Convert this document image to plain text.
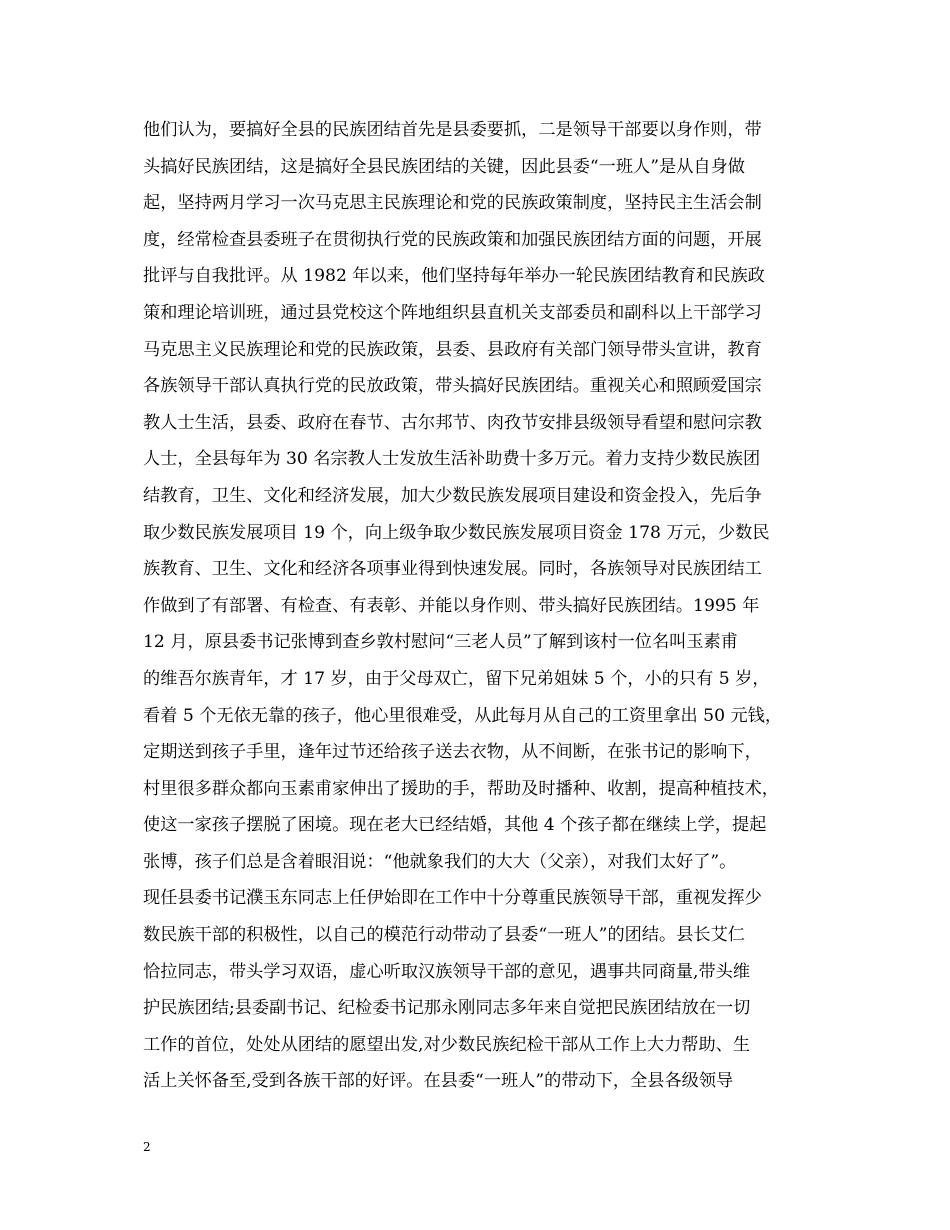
他们认为，要搞好全县的民族团结首先是县委要抓，二是领导干部要以身作则，带
头搞好民族团结，这是搞好全县民族团结的关键，因此县委“一班人”是从自身做
起，坚持两月学习一次马克思主民族理论和党的民族政策制度，坚持民主生活会制
度，经常检查县委班子在贯彻执行党的民族政策和加强民族团结方面的问题，开展
批评与自我批评。从 1982 年以来，他们坚持每年举办一轮民族团结教育和民族政
策和理论培训班，通过县党校这个阵地组织县直机关支部委员和副科以上干部学习
马克思主义民族理论和党的民族政策，县委、县政府有关部门领导带头宣讲，教育
各族领导干部认真执行党的民放政策，带头搞好民族团结。重视关心和照顾爱国宗
教人士生活，县委、政府在春节、古尔邦节、肉孜节安排县级领导看望和慰问宗教
人士，全县每年为 30 名宗教人士发放生活补助费十多万元。着力支持少数民族团
结教育，卫生、文化和经济发展，加大少数民族发展项目建设和资金投入，先后争
取少数民族发展项目 19 个，向上级争取少数民族发展项目资金 178 万元，少数民
族教育、卫生、文化和经济各项事业得到快速发展。同时，各族领导对民族团结工
作做到了有部署、有检查、有表彰、并能以身作则、带头搞好民族团结。1995 年
12 月，原县委书记张博到查乡敦村慰问“三老人员”了解到该村一位名叫玉素甫
的维吾尔族青年，才 17 岁，由于父母双亡，留下兄弟姐妹 5 个，小的只有 5 岁，
看着 5 个无依无靠的孩子，他心里很难受，从此每月从自己的工资里拿出 50 元钱，
定期送到孩子手里，逢年过节还给孩子送去衣物，从不间断，在张书记的影响下，
村里很多群众都向玉素甫家伸出了援助的手，帮助及时播种、收割，提高种植技术，
使这一家孩子摆脱了困境。现在老大已经结婚，其他 4 个孩子都在继续上学，提起
张博，孩子们总是含着眼泪说：“他就象我们的大大（父亲），对我们太好了”。
现任县委书记濮玉东同志上任伊始即在工作中十分尊重民族领导干部，重视发挥少
数民族干部的积极性，以自己的模范行动带动了县委“一班人”的团结。县长艾仁
恰拉同志，带头学习双语，虚心听取汉族领导干部的意见，遇事共同商量,带头维
护民族团结;县委副书记、纪检委书记那永刚同志多年来自觉把民族团结放在一切
工作的首位，处处从团结的愿望出发,对少数民族纪检干部从工作上大力帮助、生
活上关怀备至,受到各族干部的好评。在县委“一班人”的带动下，全县各级领导
2
